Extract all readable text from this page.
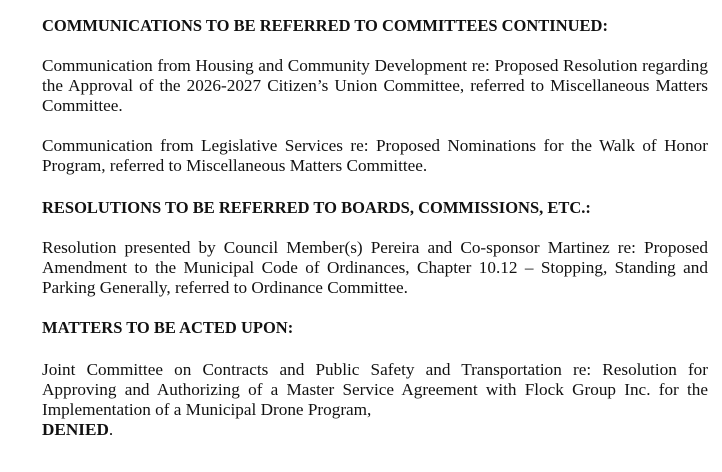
COMMUNICATIONS TO BE REFERRED TO COMMITTEES CONTINUED:
Communication from Housing and Community Development re: Proposed Resolution regarding the Approval of the 2026-2027 Citizen’s Union Committee, referred to Miscellaneous Matters Committee.
Communication from Legislative Services re: Proposed Nominations for the Walk of Honor Program, referred to Miscellaneous Matters Committee.
RESOLUTIONS TO BE REFERRED TO BOARDS, COMMISSIONS, ETC.:
Resolution presented by Council Member(s) Pereira and Co-sponsor Martinez re: Proposed Amendment to the Municipal Code of Ordinances, Chapter 10.12 – Stopping, Standing and Parking Generally, referred to Ordinance Committee.
MATTERS TO BE ACTED UPON:
Joint Committee on Contracts and Public Safety and Transportation re: Resolution for Approving and Authorizing of a Master Service Agreement with Flock Group Inc. for the Implementation of a Municipal Drone Program,
DENIED.
